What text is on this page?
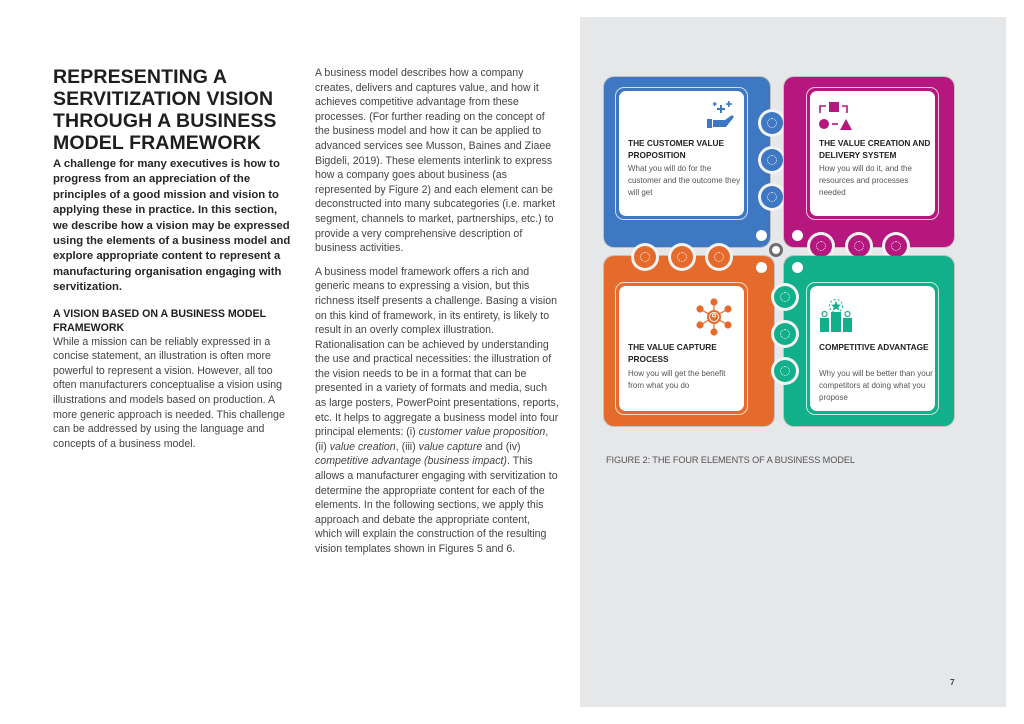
REPRESENTING A SERVITIZATION VISION THROUGH A BUSINESS MODEL FRAMEWORK

A challenge for many executives is how to progress from an appreciation of the principles of a good mission and vision to applying these in practice. In this section, we describe how a vision may be expressed using the elements of a business model and explore appropriate content to represent a manufacturing organisation engaging with servitization.

A VISION BASED ON A BUSINESS MODEL FRAMEWORK

While a mission can be reliably expressed in a concise statement, an illustration is often more powerful to represent a vision. However, all too often manufacturers conceptualise a vision using illustrations and models based on production. A more generic approach is needed. This challenge can be addressed by using the language and concepts of a business model.

A business model describes how a company creates, delivers and captures value, and how it achieves competitive advantage from these processes. (For further reading on the concept of the business model and how it can be applied to advanced services see Musson, Baines and Ziaee Bigdeli, 2019). These elements interlink to express how a company goes about business (as represented by Figure 2) and each element can be deconstructed into many subcategories (i.e. market segment, channels to market, partnerships, etc.) to provide a very comprehensive description of business activities.

A business model framework offers a rich and generic means to expressing a vision, but this richness itself presents a challenge. Basing a vision on this kind of framework, in its entirety, is likely to result in an overly complex illustration. Rationalisation can be achieved by understanding the use and practical necessities: the illustration of the vision needs to be in a format that can be presented in a variety of formats and media, such as large posters, PowerPoint presentations, reports, etc. It helps to aggregate a business model into four principal elements: (i) customer value proposition, (ii) value creation, (iii) value capture and (iv) competitive advantage (business impact). This allows a manufacturer engaging with servitization to determine the appropriate content for each of the elements. In the following sections, we apply this approach and debate the appropriate content, which will explain the construction of the resulting vision templates shown in Figures 5 and 6.

THE CUSTOMER VALUE PROPOSITION
What you will do for the customer and the outcome they will get
THE VALUE CREATION AND DELIVERY SYSTEM
How you will do it, and the resources and processes needed
THE VALUE CAPTURE PROCESS
How you will get the benefit from what you do
COMPETITIVE ADVANTAGE
Why you will be better than your competitors at doing what you propose
FIGURE 2: THE FOUR ELEMENTS OF A BUSINESS MODEL
7
